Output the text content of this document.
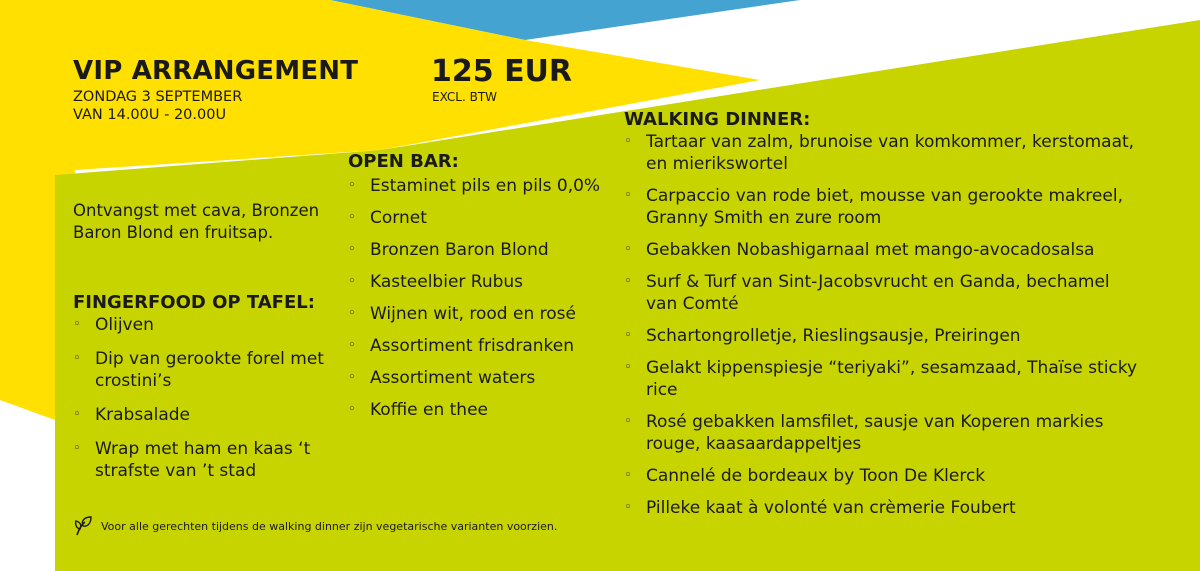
VIP ARRANGEMENT
ZONDAG 3 SEPTEMBER
VAN 14.00U - 20.00U
125 EUR
EXCL. BTW
Ontvangst met cava, Bronzen Baron Blond en fruitsap.
FINGERFOOD OP TAFEL:
◦ Olijven
◦ Dip van gerookte forel met crostini’s
◦ Krabsalade
◦ Wrap met ham en kaas ‘t strafste van ’t stad
OPEN BAR:
◦ Estaminet pils en pils 0,0%
◦ Cornet
◦ Bronzen Baron Blond
◦ Kasteelbier Rubus
◦ Wijnen wit, rood en rosé
◦ Assortiment frisdranken
◦ Assortiment waters
◦ Koffie en thee
WALKING DINNER:
◦ Tartaar van zalm, brunoise van komkommer, kerstomaat, en mierikswortel
◦ Carpaccio van rode biet, mousse van gerookte makreel, Granny Smith en zure room
◦ Gebakken Nobashigarnaal met mango-avocadosalsa
◦ Surf & Turf van Sint-Jacobsvrucht en Ganda, bechamel van Comté
◦ Schartongrolletje, Rieslingsausje, Preiringen
◦ Gelakt kippenspiesje “teriyaki”, sesamzaad, Thaïse sticky rice
◦ Rosé gebakken lamsfilet, sausje van Koperen markies rouge, kaasaardappeltjes
◦ Cannelé de bordeaux by Toon De Klerck
◦ Pilleke kaat à volonté van crèmerie Foubert
Voor alle gerechten tijdens de walking dinner zijn vegetarische varianten voorzien.
